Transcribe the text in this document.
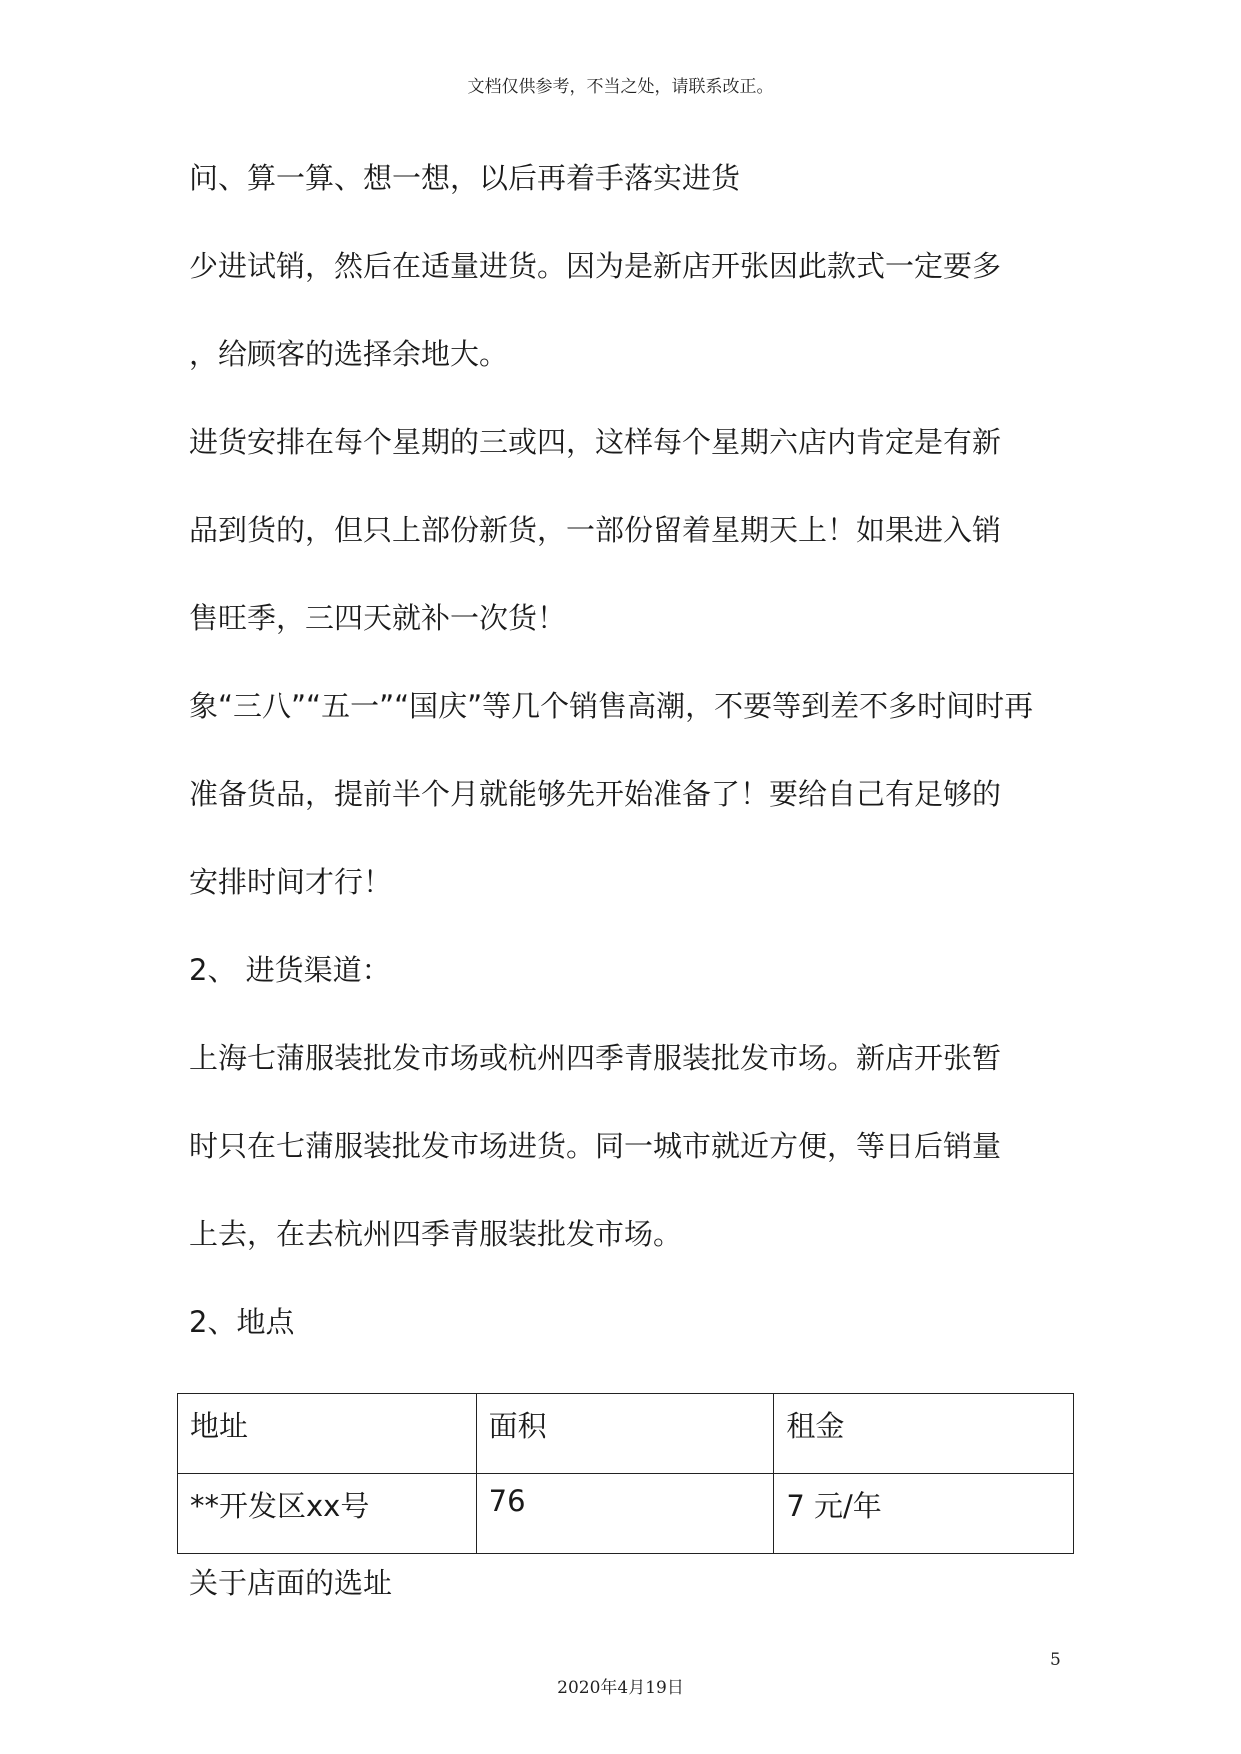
文档仅供参考，不当之处，请联系改正。
问、算一算、想一想，以后再着手落实进货
少进试销，然后在适量进货。因为是新店开张因此款式一定要多
，给顾客的选择余地大。
进货安排在每个星期的三或四，这样每个星期六店内肯定是有新
品到货的，但只上部份新货，一部份留着星期天上！如果进入销
售旺季，三四天就补一次货！
象“三八”“五一”“国庆”等几个销售高潮，不要等到差不多时间时再
准备货品，提前半个月就能够先开始准备了！要给自己有足够的
安排时间才行！
2、 进货渠道：
上海七蒲服装批发市场或杭州四季青服装批发市场。新店开张暂
时只在七蒲服装批发市场进货。同一城市就近方便，等日后销量
上去，在去杭州四季青服装批发市场。
2、地点
地址	面积	租金
**开发区xx号	76	7 元/年
关于店面的选址
5
2020年4月19日
